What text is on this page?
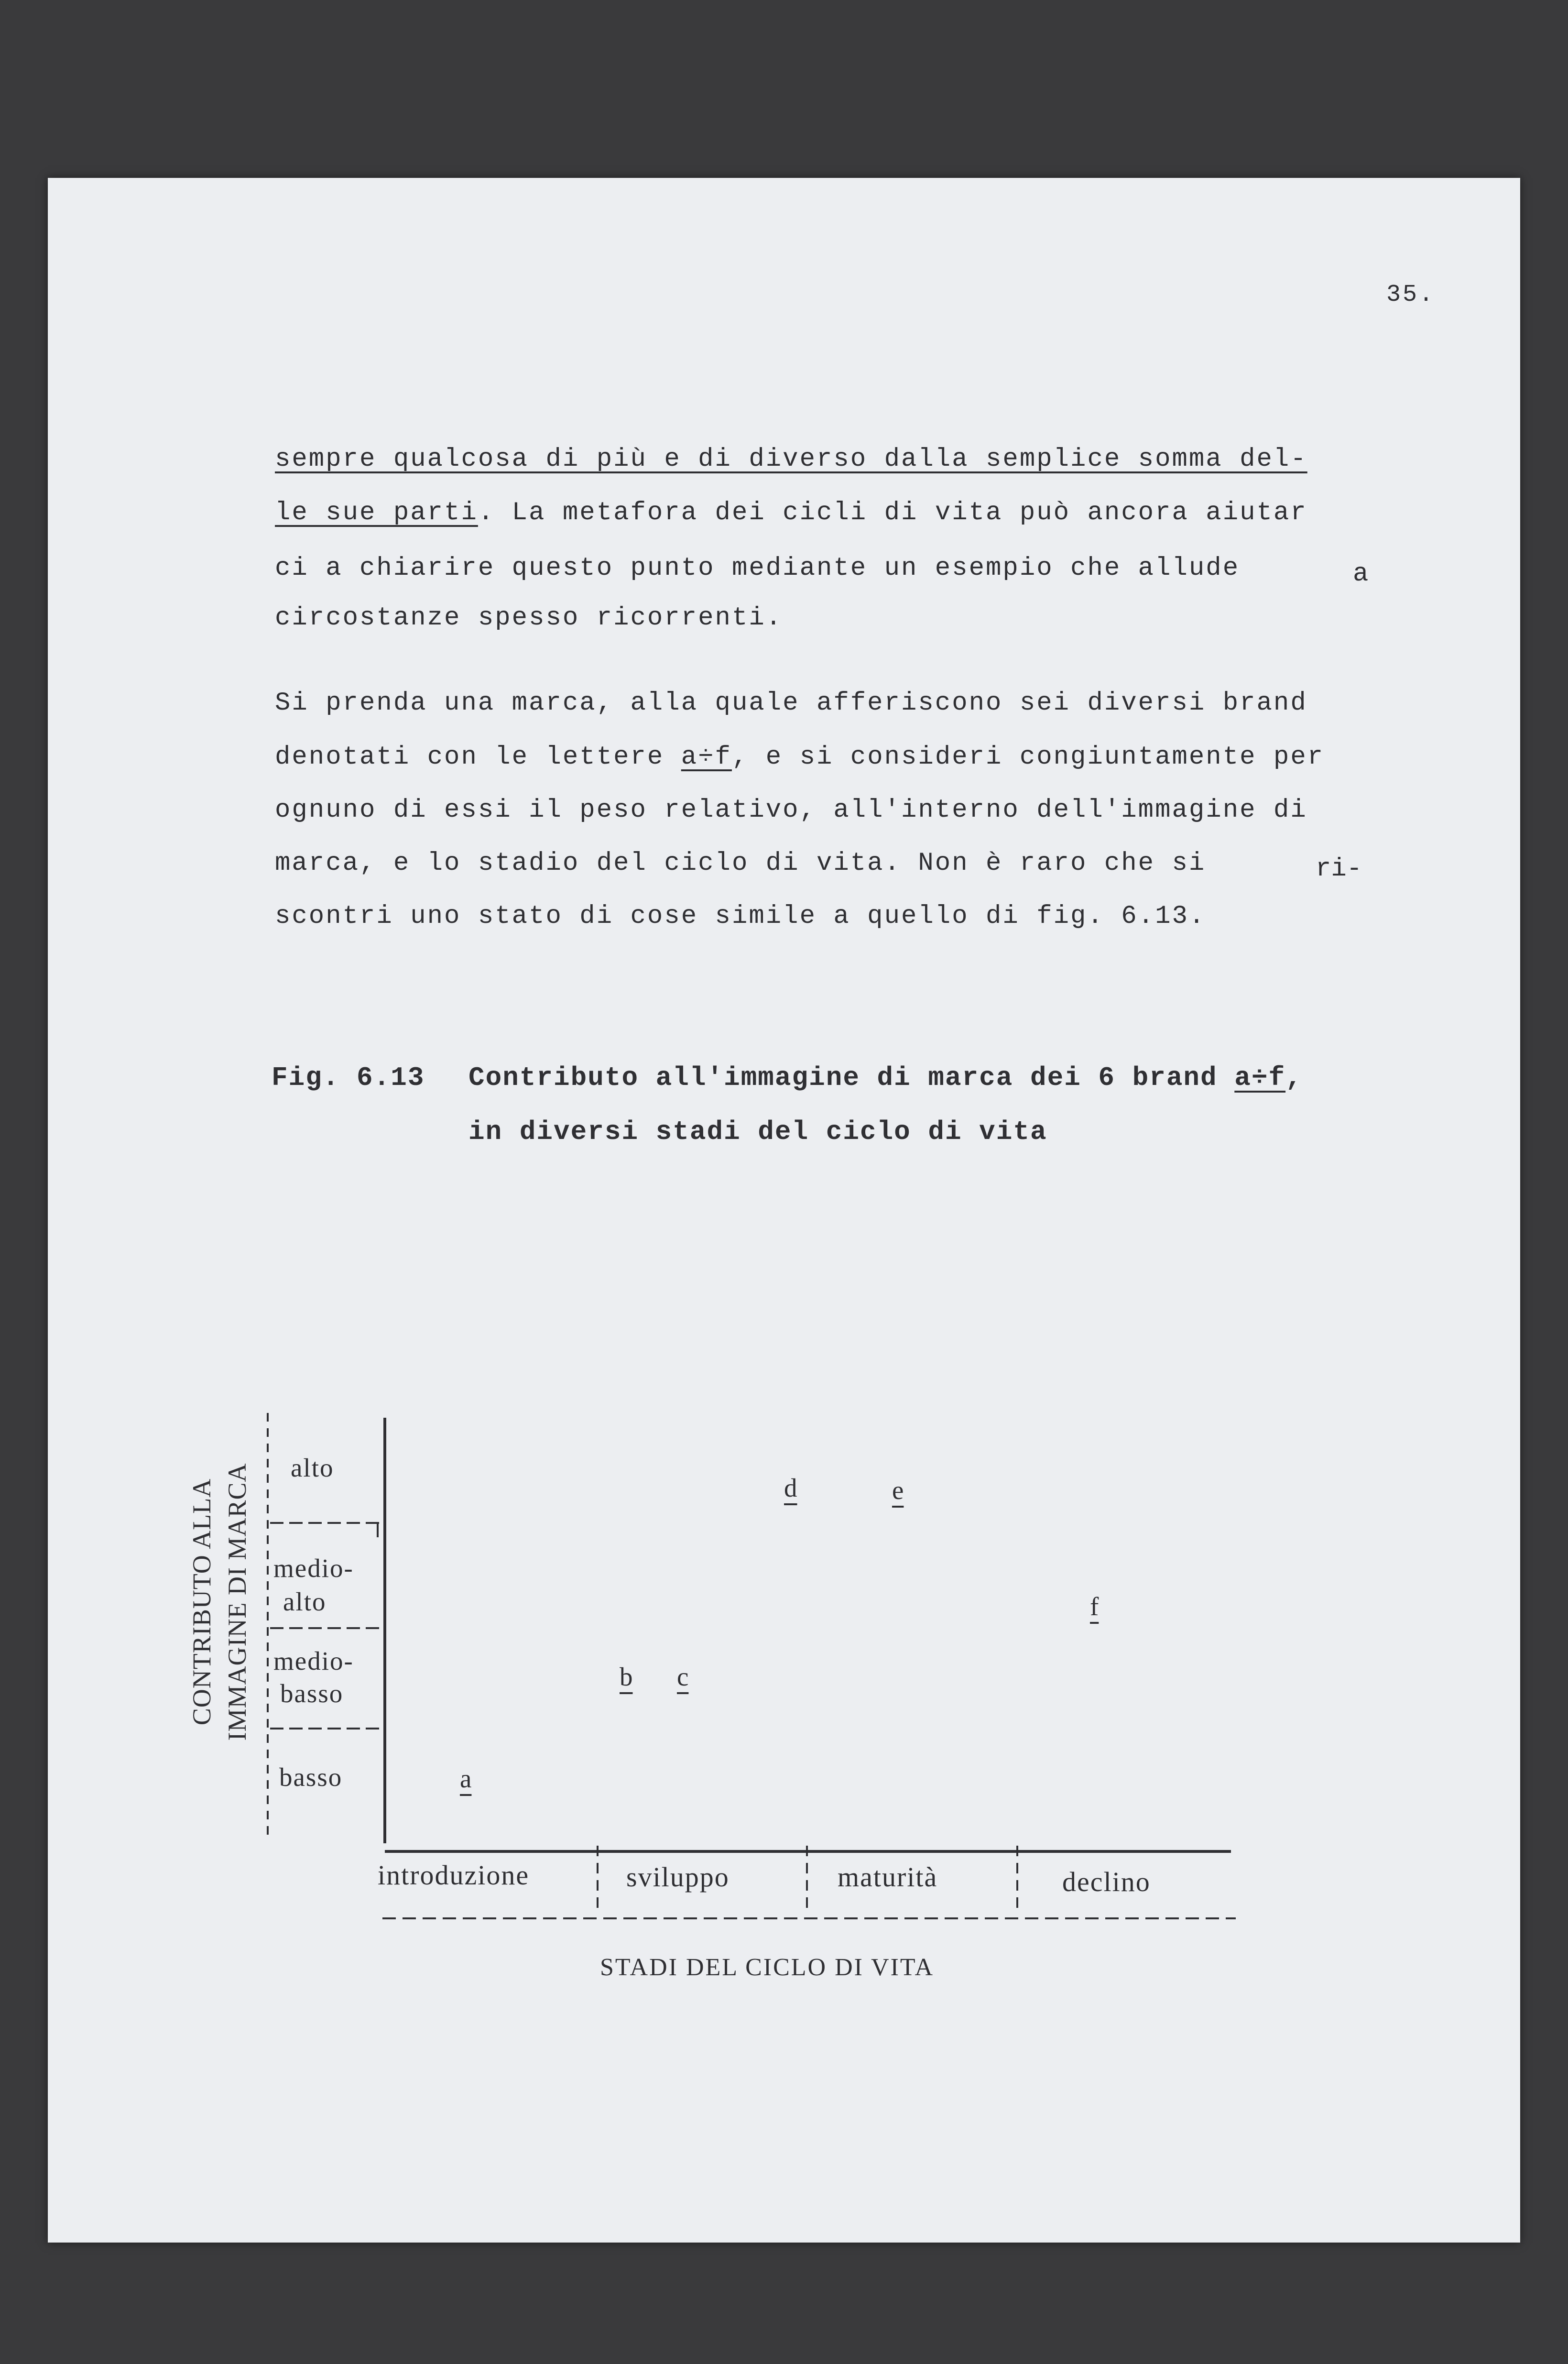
35.
sempre qualcosa di più e di diverso dalla semplice somma del-
le sue parti. La metafora dei cicli di vita può ancora aiutar
ci a chiarire questo punto mediante un esempio che allude	a
circostanze spesso ricorrenti.
Si prenda una marca, alla quale afferiscono sei diversi brand
denotati con le lettere a÷f, e si consideri congiuntamente per
ognuno di essi il peso relativo, all'interno dell'immagine di
marca, e lo stadio del ciclo di vita. Non è raro che si	ri-
scontri uno stato di cose simile a quello di fig. 6.13.
Fig. 6.13 Contributo all'immagine di marca dei 6 brand a÷f,
in diversi stadi del ciclo di vita
CONTRIBUTO ALLA IMMAGINE DI MARCA alto
medio-
alto
medio-
basso
basso	a
b c
d	e
f
introduzione	sviluppo	maturità	declino
STADI DEL CICLO DI VITA
